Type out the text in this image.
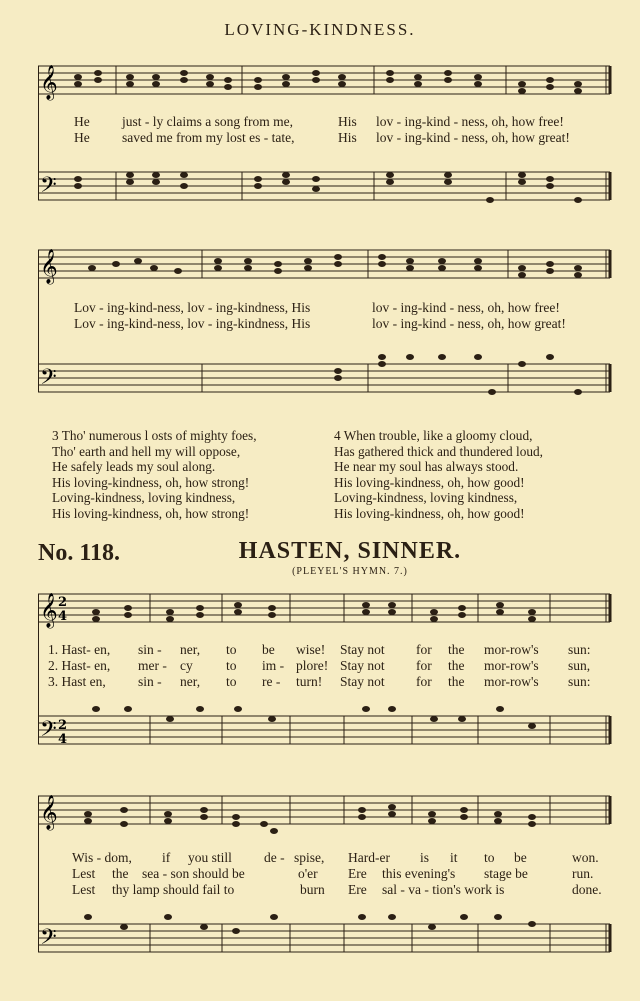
LOVING-KINDNESS.
𝄞
𝄢
He just - ly claims a song from me,	His lov - ing-kind - ness, oh, how free!
He saved me from my lost es - tate,	His lov - ing-kind - ness, oh, how great!
𝄞
𝄢
Lov - ing-kind-ness, lov - ing-kindness, His	lov - ing-kind - ness, oh, how free!
Lov - ing-kind-ness, lov - ing-kindness, His	lov - ing-kind - ness, oh, how great!
3 Tho' numerous l osts of mighty foes,
Tho' earth and hell my will oppose,
He safely leads my soul along.
His loving-kindness, oh, how strong!
Loving-kindness, loving kindness,
His loving-kindness, oh, how strong!
4 When trouble, like a gloomy cloud,
Has gathered thick and thundered loud,
He near my soul has always stood.
His loving-kindness, oh, how good!
Loving-kindness, loving kindness,
His loving-kindness, oh, how good!
No. 118.	HASTEN, SINNER.
(PLEYEL'S HYMN. 7.)
𝄞 2
4
𝄢 2
4
1. Hast- en, sin - ner, to be wise! Stay not for the mor-row's sun:
2. Hast- en, mer - cy to im - plore! Stay not for the mor-row's sun,
3. Hast en, sin - ner, to re - turn! Stay not for the mor-row's sun:
𝄞
𝄢
Wis - dom, if you still de - spise, Hard-er is it to be	won.
Lest the sea - son should be	o'er Ere this evening's stage be	run.
Lest thy lamp should fail to	burn Ere sal - va - tion's work is	done.
